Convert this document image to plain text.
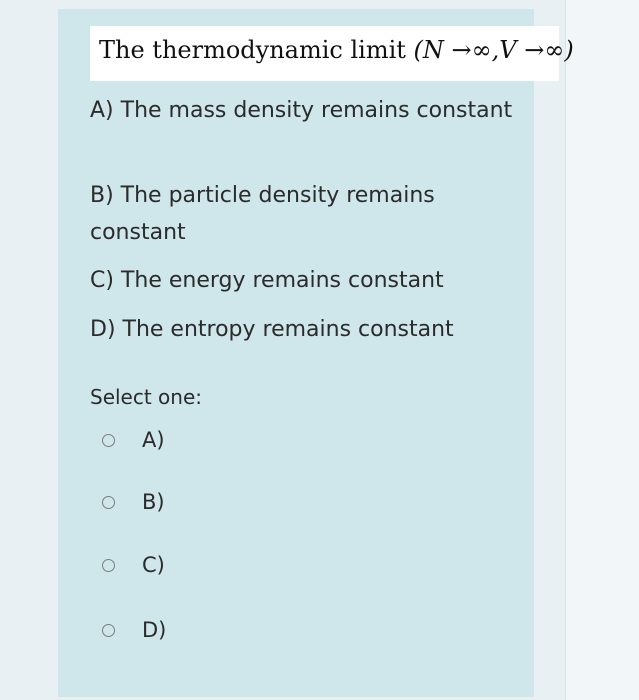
The thermodynamic limit (N →∞,V →∞)
A) The mass density remains constant
B) The particle density remains constant
C) The energy remains constant
D) The entropy remains constant
Select one:
A)
B)
C)
D)
